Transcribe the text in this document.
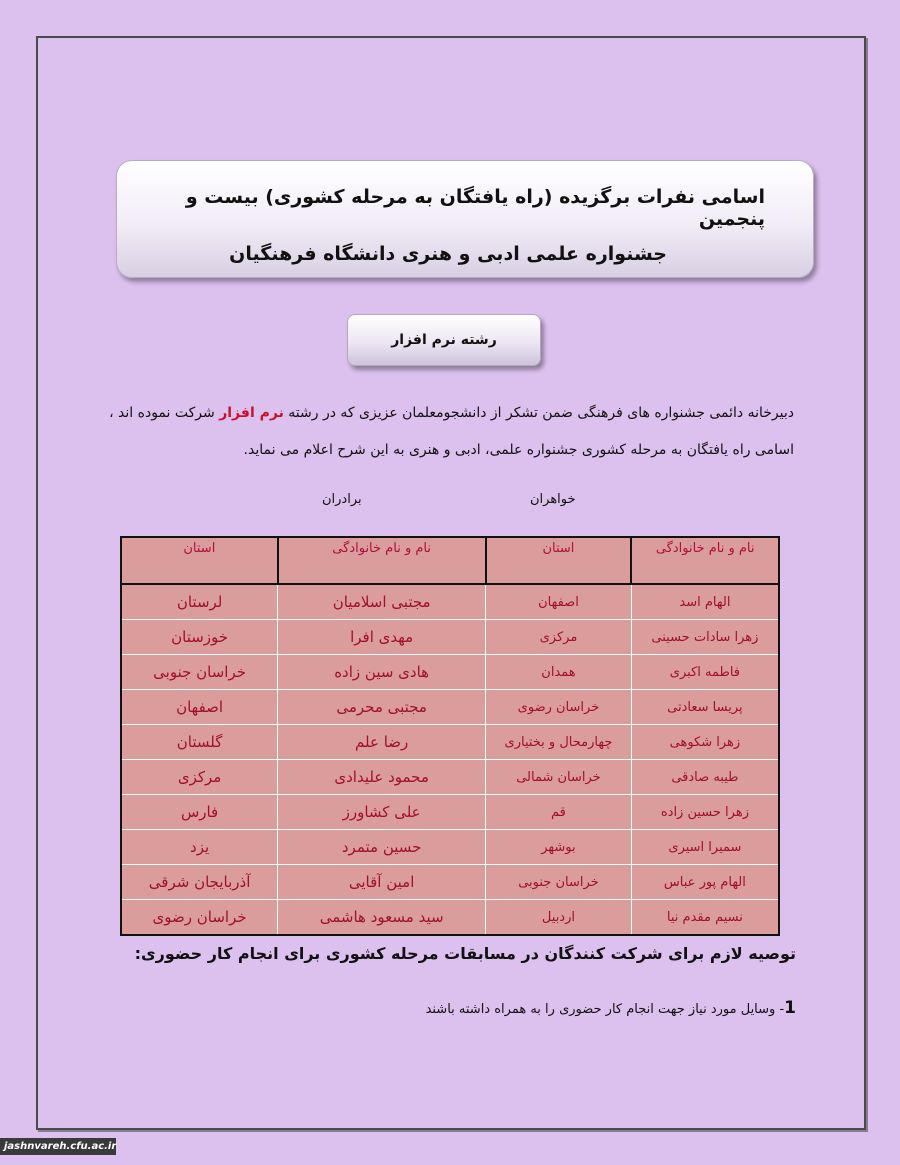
اسامی نفرات برگزیده (راه یافتگان به مرحله کشوری) بیست و پنجمین
جشنواره علمی ادبی و هنری دانشگاه فرهنگیان
رشته نرم افزار
دبیرخانه دائمی جشنواره های فرهنگی ضمن تشکر از دانشجومعلمان عزیزی که در رشته نرم افزار شرکت نموده اند ،
اسامی راه یافتگان به مرحله کشوری جشنواره علمی، ادبی و هنری به این شرح اعلام می نماید.
خواهران
برادران
نام و نام خانوادگی	استان	نام و نام خانوادگی	استان
الهام اسد	اصفهان	مجتبی اسلامیان	لرستان
زهرا سادات حسینی	مرکزی	مهدی افرا	خوزستان
فاطمه اکبری	همدان	هادی سین زاده	خراسان جنوبی
پریسا سعادتی	خراسان رضوی	مجتبی محرمی	اصفهان
زهرا شکوهی	چهارمحال و بختیاری	رضا علم	گلستان
طیبه صادقی	خراسان شمالی	محمود علیدادی	مرکزی
زهرا حسین زاده	قم	علی کشاورز	فارس
سمیرا اسیری	بوشهر	حسین متمرد	یزد
الهام پور عباس	خراسان جنوبی	امین آقایی	آذربایجان شرقی
نسیم مقدم نیا	اردبیل	سید مسعود هاشمی	خراسان رضوی
توصیه لازم برای شرکت کنندگان در مسابقات مرحله کشوری برای انجام کار حضوری:
1- وسایل مورد نیاز جهت انجام کار حضوری را به همراه داشته باشند
jashnvareh.cfu.ac.ir
